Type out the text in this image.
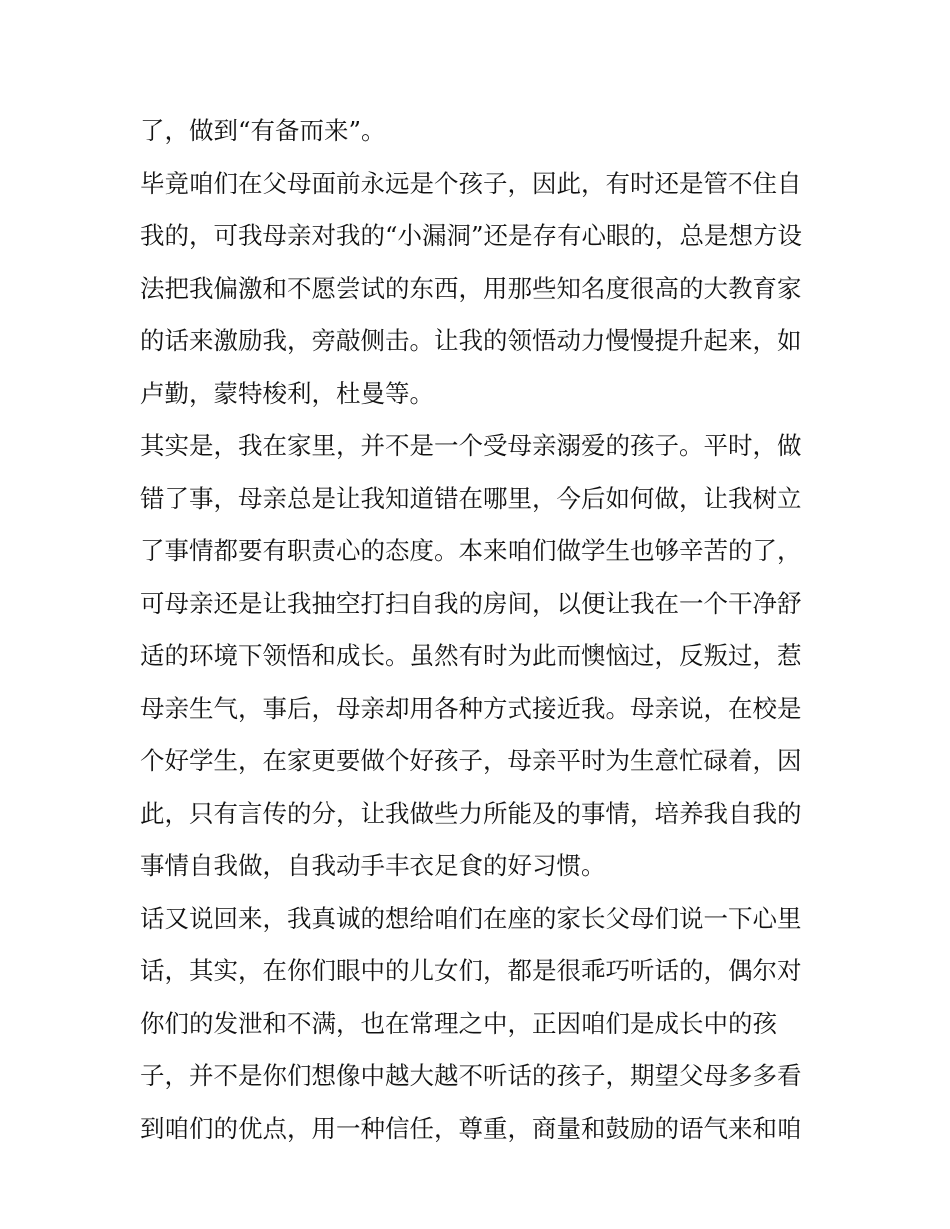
了，做到“有备而来”。
毕竟咱们在父母面前永远是个孩子，因此，有时还是管不住自
我的，可我母亲对我的“小漏洞”还是存有心眼的，总是想方设
法把我偏激和不愿尝试的东西，用那些知名度很高的大教育家
的话来激励我，旁敲侧击。让我的领悟动力慢慢提升起来，如
卢勤，蒙特梭利，杜曼等。
其实是，我在家里，并不是一个受母亲溺爱的孩子。平时，做
错了事，母亲总是让我知道错在哪里，今后如何做，让我树立
了事情都要有职责心的态度。本来咱们做学生也够辛苦的了，
可母亲还是让我抽空打扫自我的房间，以便让我在一个干净舒
适的环境下领悟和成长。虽然有时为此而懊恼过，反叛过，惹
母亲生气，事后，母亲却用各种方式接近我。母亲说，在校是
个好学生，在家更要做个好孩子，母亲平时为生意忙碌着，因
此，只有言传的分，让我做些力所能及的事情，培养我自我的
事情自我做，自我动手丰衣足食的好习惯。
话又说回来，我真诚的想给咱们在座的家长父母们说一下心里
话，其实，在你们眼中的儿女们，都是很乖巧听话的，偶尔对
你们的发泄和不满，也在常理之中，正因咱们是成长中的孩
子，并不是你们想像中越大越不听话的孩子，期望父母多多看
到咱们的优点，用一种信任，尊重，商量和鼓励的语气来和咱
